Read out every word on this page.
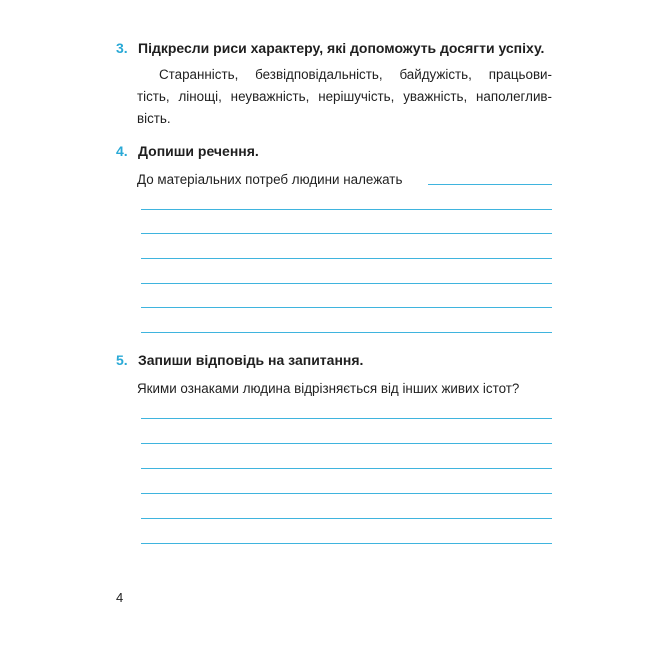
3. Підкресли риси характеру, які допоможуть досягти успіху.
Старанність, безвідповідальність, байдужість, працьови-
тість, лінощі, неуважність, нерішучість, уважність, наполеглив-
вість.
4. Допиши речення.
До матеріальних потреб людини належать
5. Запиши відповідь на запитання.
Якими ознаками людина відрізняється від інших живих істот?
4
